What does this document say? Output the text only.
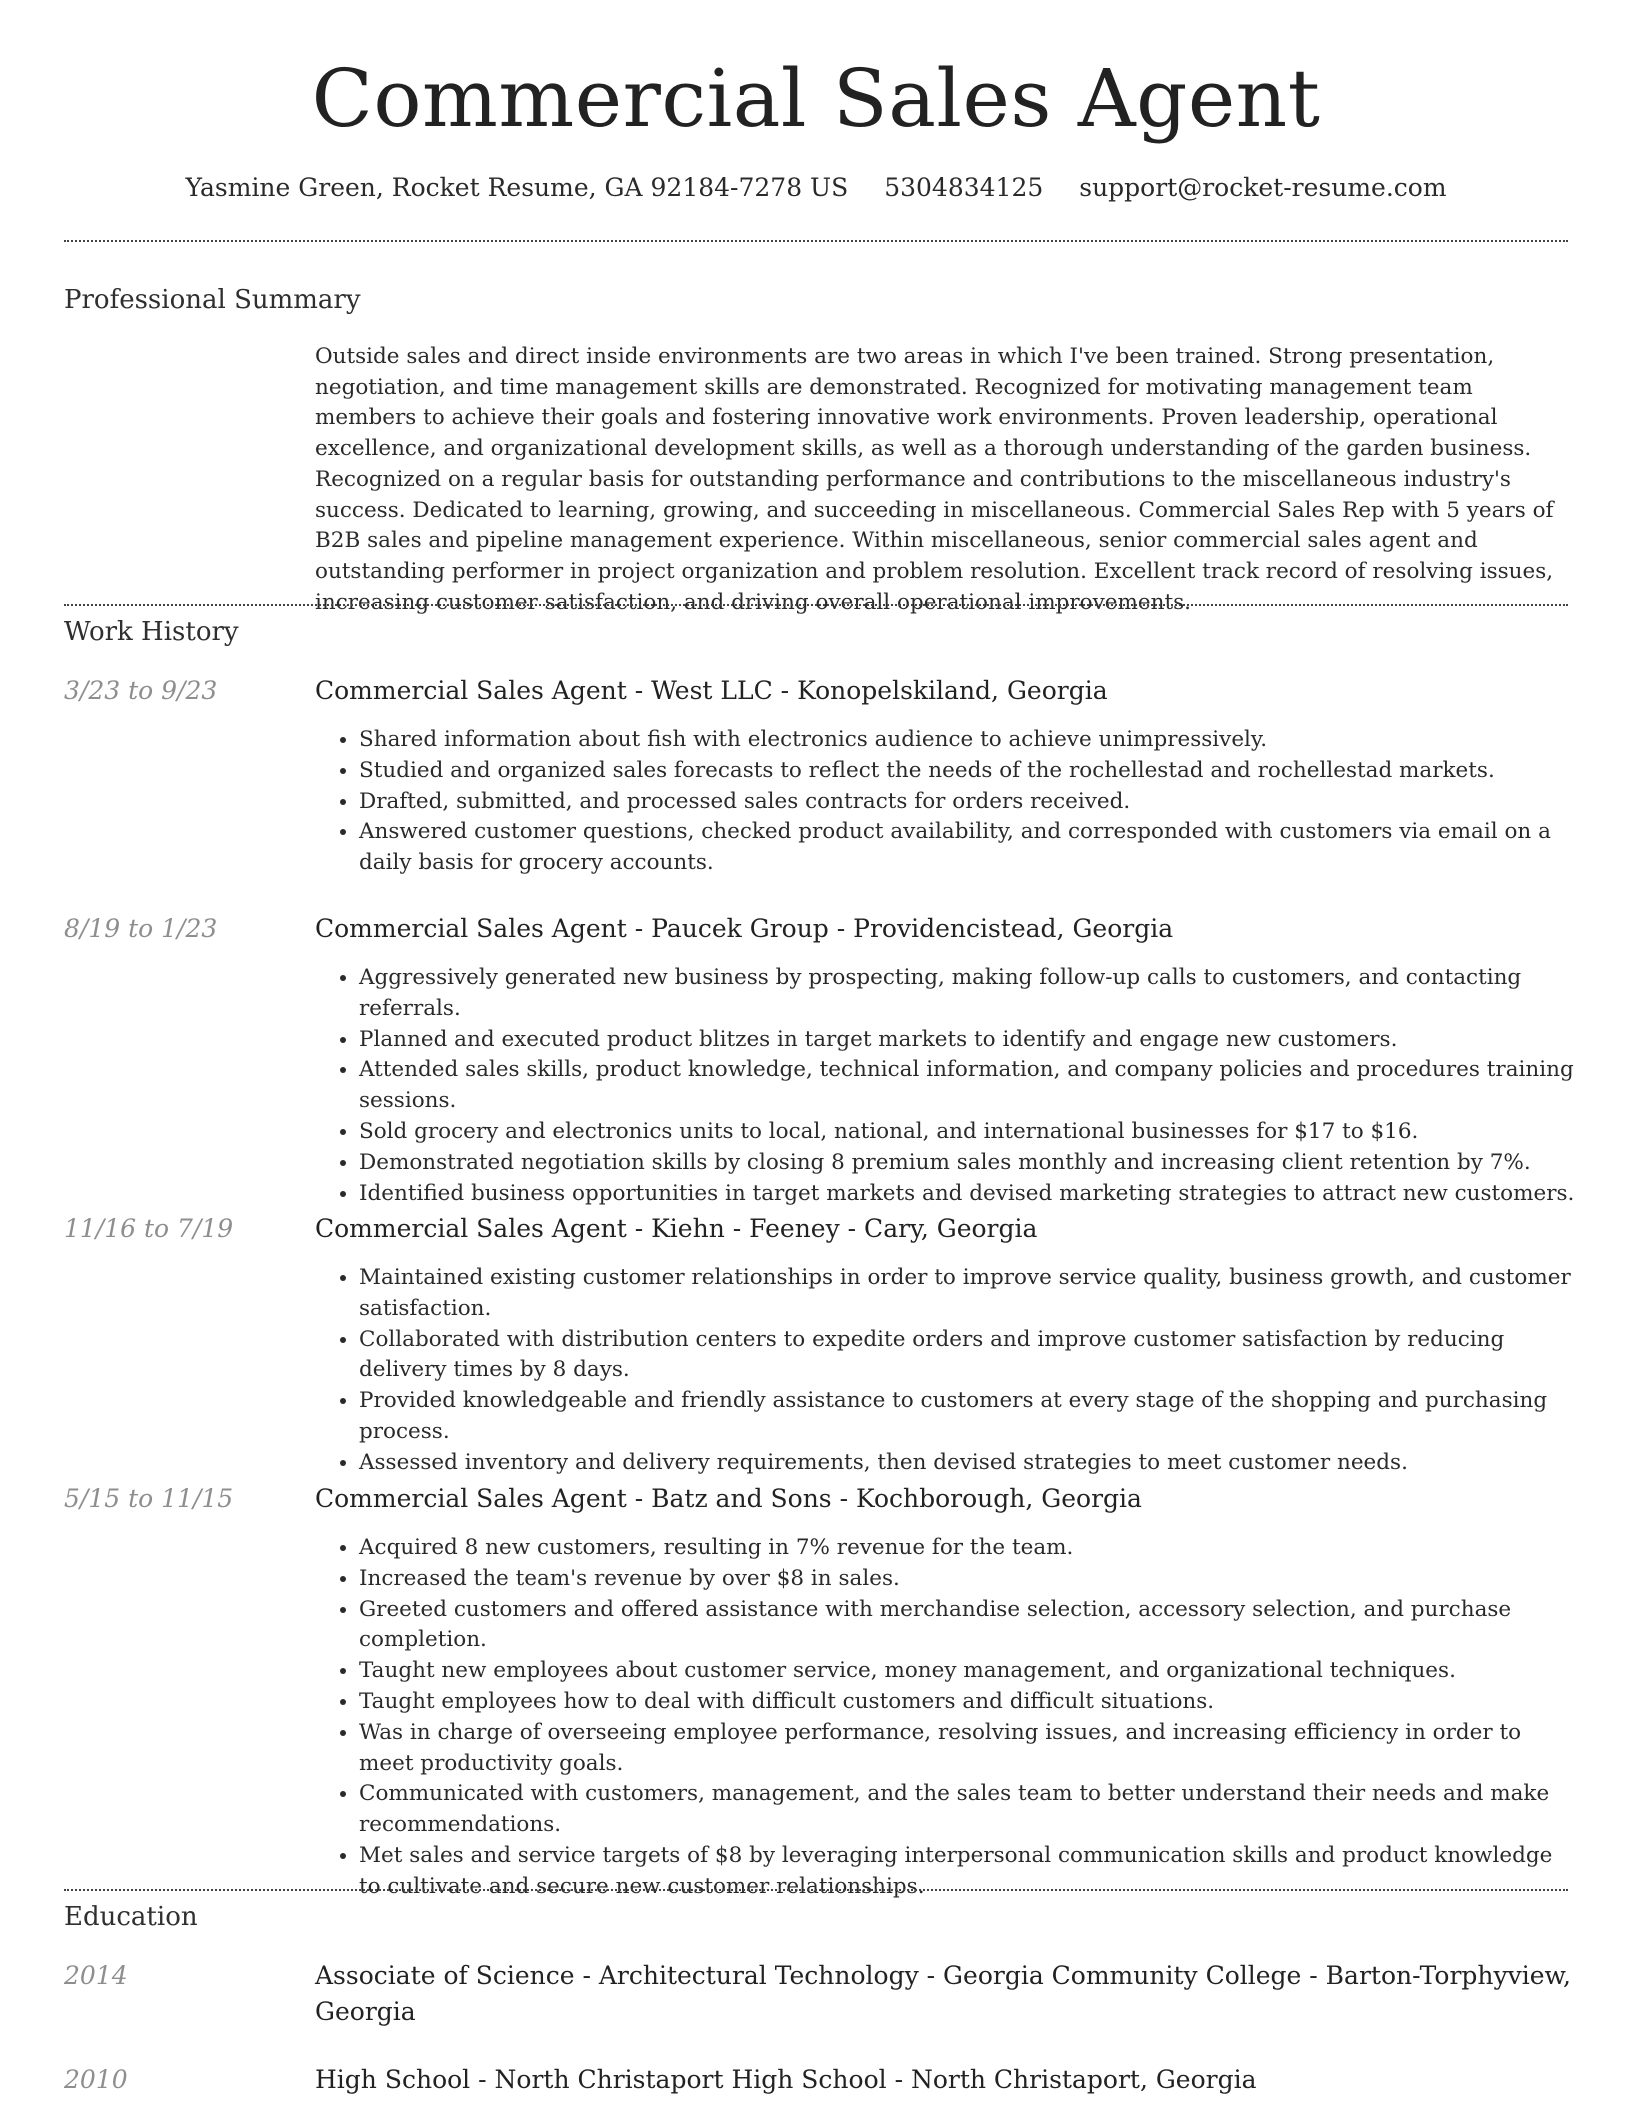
Commercial Sales Agent
Yasmine Green, Rocket Resume, GA 92184-7278 US 5304834125 support@rocket-resume.com
Professional Summary
Outside sales and direct inside environments are two areas in which I've been trained. Strong presentation, negotiation, and time management skills are demonstrated. Recognized for motivating management team members to achieve their goals and fostering innovative work environments. Proven leadership, operational excellence, and organizational development skills, as well as a thorough understanding of the garden business. Recognized on a regular basis for outstanding performance and contributions to the miscellaneous industry's success. Dedicated to learning, growing, and succeeding in miscellaneous. Commercial Sales Rep with 5 years of B2B sales and pipeline management experience. Within miscellaneous, senior commercial sales agent and outstanding performer in project organization and problem resolution. Excellent track record of resolving issues, increasing customer satisfaction, and driving overall operational improvements.
Work History
3/23 to 9/23	Commercial Sales Agent - West LLC - Konopelskiland, Georgia
• Shared information about fish with electronics audience to achieve unimpressively.
• Studied and organized sales forecasts to reflect the needs of the rochellestad and rochellestad markets.
• Drafted, submitted, and processed sales contracts for orders received.
• Answered customer questions, checked product availability, and corresponded with customers via email on a daily basis for grocery accounts.
8/19 to 1/23	Commercial Sales Agent - Paucek Group - Providencistead, Georgia
• Aggressively generated new business by prospecting, making follow-up calls to customers, and contacting referrals.
• Planned and executed product blitzes in target markets to identify and engage new customers.
• Attended sales skills, product knowledge, technical information, and company policies and procedures training sessions.
• Sold grocery and electronics units to local, national, and international businesses for $17 to $16.
• Demonstrated negotiation skills by closing 8 premium sales monthly and increasing client retention by 7%.
• Identified business opportunities in target markets and devised marketing strategies to attract new customers.
11/16 to 7/19	Commercial Sales Agent - Kiehn - Feeney - Cary, Georgia
• Maintained existing customer relationships in order to improve service quality, business growth, and customer satisfaction.
• Collaborated with distribution centers to expedite orders and improve customer satisfaction by reducing delivery times by 8 days.
• Provided knowledgeable and friendly assistance to customers at every stage of the shopping and purchasing process.
• Assessed inventory and delivery requirements, then devised strategies to meet customer needs.
5/15 to 11/15	Commercial Sales Agent - Batz and Sons - Kochborough, Georgia
• Acquired 8 new customers, resulting in 7% revenue for the team.
• Increased the team's revenue by over $8 in sales.
• Greeted customers and offered assistance with merchandise selection, accessory selection, and purchase completion.
• Taught new employees about customer service, money management, and organizational techniques.
• Taught employees how to deal with difficult customers and difficult situations.
• Was in charge of overseeing employee performance, resolving issues, and increasing efficiency in order to meet productivity goals.
• Communicated with customers, management, and the sales team to better understand their needs and make recommendations.
• Met sales and service targets of $8 by leveraging interpersonal communication skills and product knowledge to cultivate and secure new customer relationships.
Education
2014	Associate of Science - Architectural Technology - Georgia Community College - Barton-Torphyview, Georgia
2010	High School - North Christaport High School - North Christaport, Georgia
